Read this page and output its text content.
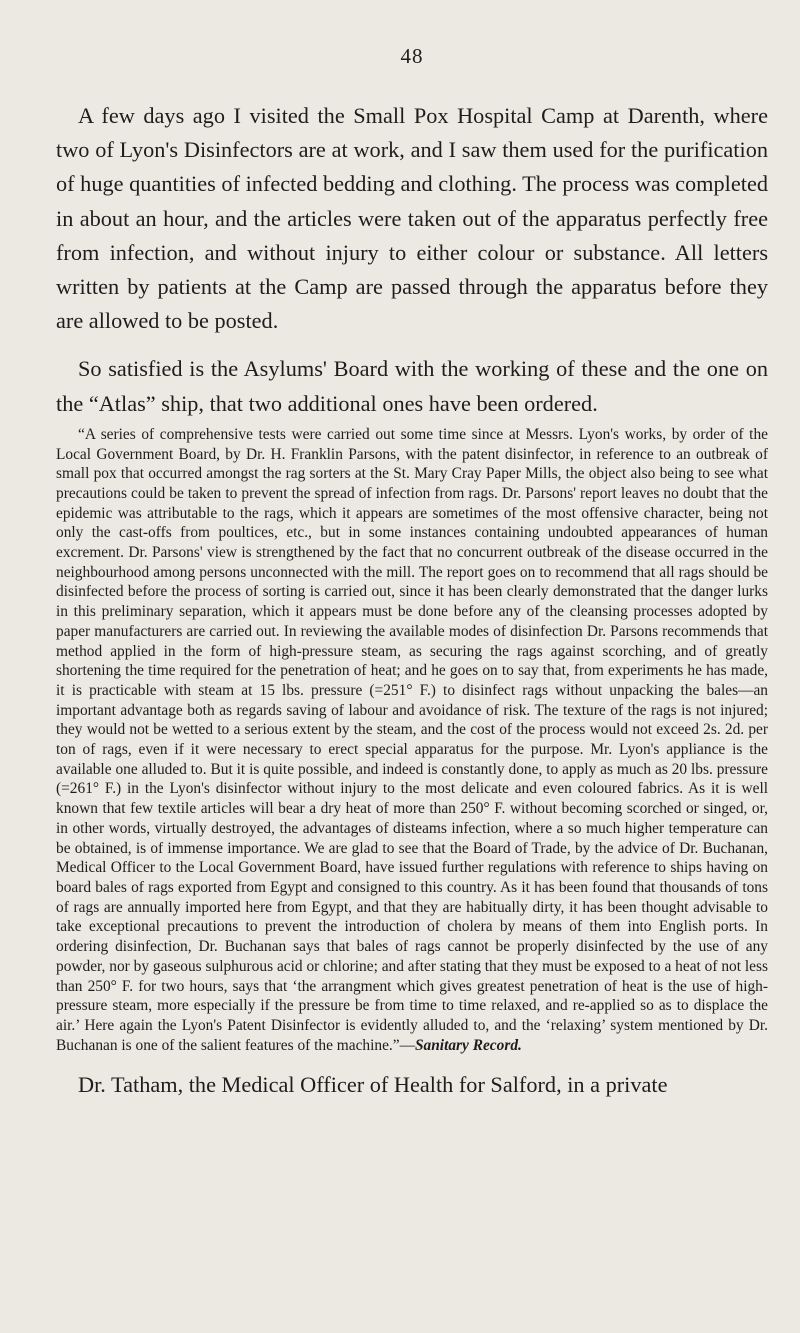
48

A few days ago I visited the Small Pox Hospital Camp at Darenth, where two of Lyon's Disinfectors are at work, and I saw them used for the purification of huge quantities of infected bedding and clothing. The process was completed in about an hour, and the articles were taken out of the apparatus perfectly free from infection, and without injury to either colour or substance. All letters written by patients at the Camp are passed through the apparatus before they are allowed to be posted.

So satisfied is the Asylums' Board with the working of these and the one on the “Atlas” ship, that two additional ones have been ordered.

“A series of comprehensive tests were carried out some time since at Messrs. Lyon's works, by order of the Local Government Board, by Dr. H. Franklin Parsons, with the patent disinfector, in reference to an outbreak of small pox that occurred amongst the rag sorters at the St. Mary Cray Paper Mills, the object also being to see what precautions could be taken to prevent the spread of infection from rags. Dr. Parsons' report leaves no doubt that the epidemic was attributable to the rags, which it appears are sometimes of the most offensive character, being not only the cast-offs from poultices, etc., but in some instances containing undoubted appearances of human excrement. Dr. Parsons' view is strengthened by the fact that no concurrent outbreak of the disease occurred in the neighbourhood among persons unconnected with the mill. The report goes on to recommend that all rags should be disinfected before the process of sorting is carried out, since it has been clearly demonstrated that the danger lurks in this preliminary separation, which it appears must be done before any of the cleansing processes adopted by paper manufacturers are carried out. In reviewing the available modes of disinfection Dr. Parsons recommends that method applied in the form of high-pressure steam, as securing the rags against scorching, and of greatly shortening the time required for the penetration of heat; and he goes on to say that, from experiments he has made, it is practicable with steam at 15 lbs. pressure (=251° F.) to disinfect rags without unpacking the bales—an important advantage both as regards saving of labour and avoidance of risk. The texture of the rags is not injured; they would not be wetted to a serious extent by the steam, and the cost of the process would not exceed 2s. 2d. per ton of rags, even if it were necessary to erect special apparatus for the purpose. Mr. Lyon's appliance is the available one alluded to. But it is quite possible, and indeed is constantly done, to apply as much as 20 lbs. pressure (=261° F.) in the Lyon's disinfector without injury to the most delicate and even coloured fabrics. As it is well known that few textile articles will bear a dry heat of more than 250° F. without becoming scorched or singed, or, in other words, virtually destroyed, the advantages of disteams infection, where a so much higher temperature can be obtained, is of immense importance. We are glad to see that the Board of Trade, by the advice of Dr. Buchanan, Medical Officer to the Local Government Board, have issued further regulations with reference to ships having on board bales of rags exported from Egypt and consigned to this country. As it has been found that thousands of tons of rags are annually imported here from Egypt, and that they are habitually dirty, it has been thought advisable to take exceptional precautions to prevent the introduction of cholera by means of them into English ports. In ordering disinfection, Dr. Buchanan says that bales of rags cannot be properly disinfected by the use of any powder, nor by gaseous sulphurous acid or chlorine; and after stating that they must be exposed to a heat of not less than 250° F. for two hours, says that ‘the arrangment which gives greatest penetration of heat is the use of high-pressure steam, more especially if the pressure be from time to time relaxed, and re-applied so as to displace the air.’ Here again the Lyon's Patent Disinfector is evidently alluded to, and the ‘relaxing’ system mentioned by Dr. Buchanan is one of the salient features of the machine.”—Sanitary Record.

Dr. Tatham, the Medical Officer of Health for Salford, in a private
